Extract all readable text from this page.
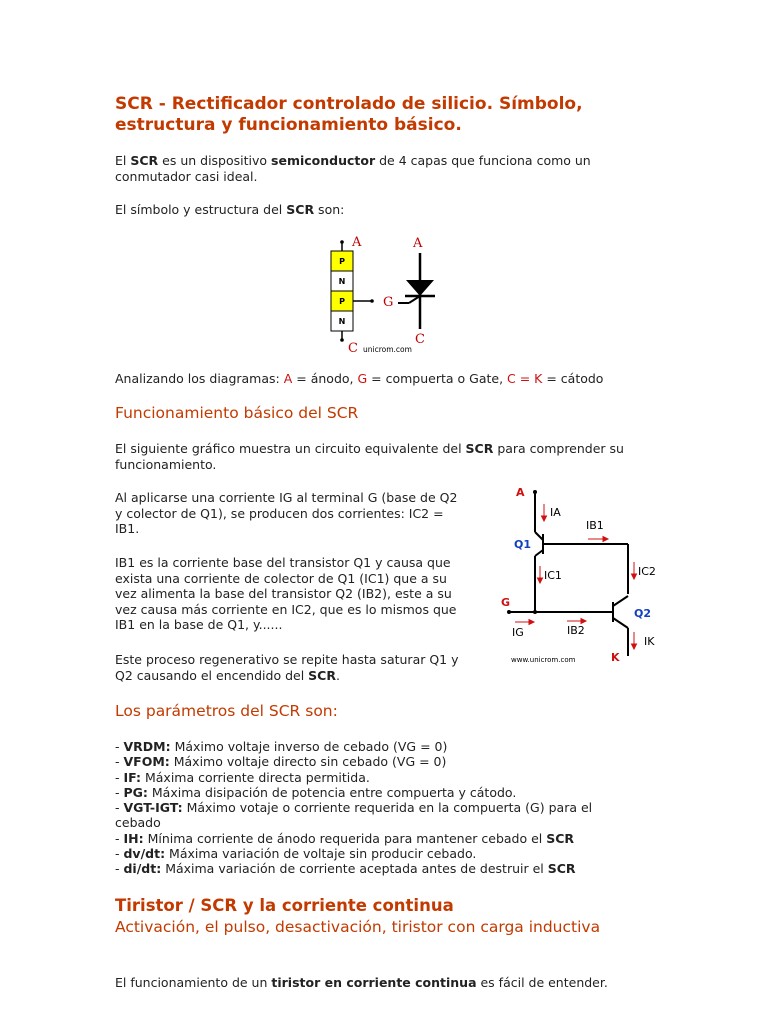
SCR - Rectificador controlado de silicio. Símbolo, estructura y funcionamiento básico.

El SCR es un dispositivo semiconductor de 4 capas que funciona como un conmutador casi ideal.

El símbolo y estructura del SCR son:

Analizando los diagramas: A = ánodo, G = compuerta o Gate, C = K = cátodo

Funcionamiento básico del SCR

El siguiente gráfico muestra un circuito equivalente del SCR para comprender su funcionamiento.

Al aplicarse una corriente IG al terminal G (base de Q2 y colector de Q1), se producen dos corrientes: IC2 = IB1.

IB1 es la corriente base del transistor Q1 y causa que exista una corriente de colector de Q1 (IC1) que a su vez alimenta la base del transistor Q2 (IB2), este a su vez causa más corriente en IC2, que es lo mismos que IB1 en la base de Q1, y......

Este proceso regenerativo se repite hasta saturar Q1 y Q2 causando el encendido del SCR.

Los parámetros del SCR son:
- VRDM: Máximo voltaje inverso de cebado (VG = 0)
- VFOM: Máximo voltaje directo sin cebado (VG = 0)
- IF: Máxima corriente directa permitida.
- PG: Máxima disipación de potencia entre compuerta y cátodo.
- VGT-IGT: Máximo votaje o corriente requerida en la compuerta (G) para el cebado
- IH: Mínima corriente de ánodo requerida para mantener cebado el SCR
- dv/dt: Máxima variación de voltaje sin producir cebado.
- di/dt: Máxima variación de corriente aceptada antes de destruir el SCR
Tiristor / SCR y la corriente continua
Activación, el pulso, desactivación, tiristor con carga inductiva

El funcionamiento de un tiristor en corriente continua es fácil de entender.

A
P
N
P
N
C
A
G
C
unicrom.com
A
IA
IB1
Q1
IC1	IC2
G
Q2
IG	IB2
IK
K
www.unicrom.com
